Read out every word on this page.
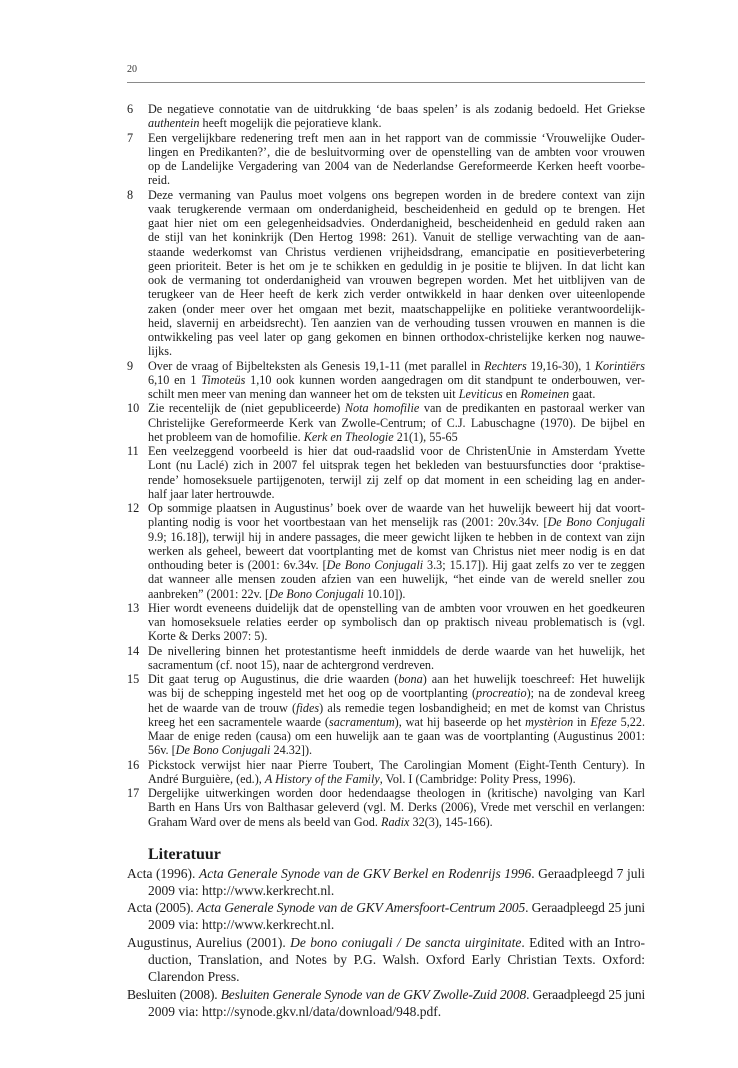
20
6 De negatieve connotatie van de uitdrukking ‘de baas spelen’ is als zodanig bedoeld. Het Griekse
authentein heeft mogelijk die pejoratieve klank.
7 Een vergelijkbare redenering treft men aan in het rapport van de commissie ‘Vrouwelijke Ouder-
lingen en Predikanten?’, die de besluitvorming over de openstelling van de ambten voor vrouwen
op de Landelijke Vergadering van 2004 van de Nederlandse Gereformeerde Kerken heeft voorbe-
reid.
8 Deze vermaning van Paulus moet volgens ons begrepen worden in de bredere context van zijn
vaak terugkerende vermaan om onderdanigheid, bescheidenheid en geduld op te brengen. Het
gaat hier niet om een gelegenheidsadvies. Onderdanigheid, bescheidenheid en geduld raken aan
de stijl van het koninkrijk (Den Hertog 1998: 261). Vanuit de stellige verwachting van de aan-
staande wederkomst van Christus verdienen vrijheidsdrang, emancipatie en positieverbetering
geen prioriteit. Beter is het om je te schikken en geduldig in je positie te blijven. In dat licht kan
ook de vermaning tot onderdanigheid van vrouwen begrepen worden. Met het uitblijven van de
terugkeer van de Heer heeft de kerk zich verder ontwikkeld in haar denken over uiteenlopende
zaken (onder meer over het omgaan met bezit, maatschappelijke en politieke verantwoordelijk-
heid, slavernij en arbeidsrecht). Ten aanzien van de verhouding tussen vrouwen en mannen is die
ontwikkeling pas veel later op gang gekomen en binnen orthodox-christelijke kerken nog nauwe-
lijks.
9 Over de vraag of Bijbelteksten als Genesis 19,1-11 (met parallel in Rechters 19,16-30), 1 Korintiërs
6,10 en 1 Timoteüs 1,10 ook kunnen worden aangedragen om dit standpunt te onderbouwen, ver-
schilt men meer van mening dan wanneer het om de teksten uit Leviticus en Romeinen gaat.
10 Zie recentelijk de (niet gepubliceerde) Nota homofilie van de predikanten en pastoraal werker van
Christelijke Gereformeerde Kerk van Zwolle-Centrum; of C.J. Labuschagne (1970). De bijbel en
het probleem van de homofilie. Kerk en Theologie 21(1), 55-65
11 Een veelzeggend voorbeeld is hier dat oud-raadslid voor de ChristenUnie in Amsterdam Yvette
Lont (nu Laclé) zich in 2007 fel uitsprak tegen het bekleden van bestuursfuncties door ‘praktise-
rende’ homoseksuele partijgenoten, terwijl zij zelf op dat moment in een scheiding lag en ander-
half jaar later hertrouwde.
12 Op sommige plaatsen in Augustinus’ boek over de waarde van het huwelijk beweert hij dat voort-
planting nodig is voor het voortbestaan van het menselijk ras (2001: 20v.34v. [De Bono Conjugali
9.9; 16.18]), terwijl hij in andere passages, die meer gewicht lijken te hebben in de context van zijn
werken als geheel, beweert dat voortplanting met de komst van Christus niet meer nodig is en dat
onthouding beter is (2001: 6v.34v. [De Bono Conjugali 3.3; 15.17]). Hij gaat zelfs zo ver te zeggen
dat wanneer alle mensen zouden afzien van een huwelijk, “het einde van de wereld sneller zou
aanbreken” (2001: 22v. [De Bono Conjugali 10.10]).
13 Hier wordt eveneens duidelijk dat de openstelling van de ambten voor vrouwen en het goedkeuren
van homoseksuele relaties eerder op symbolisch dan op praktisch niveau problematisch is (vgl.
Korte & Derks 2007: 5).
14 De nivellering binnen het protestantisme heeft inmiddels de derde waarde van het huwelijk, het
sacramentum (cf. noot 15), naar de achtergrond verdreven.
15 Dit gaat terug op Augustinus, die drie waarden (bona) aan het huwelijk toeschreef: Het huwelijk
was bij de schepping ingesteld met het oog op de voortplanting (procreatio); na de zondeval kreeg
het de waarde van de trouw (fides) als remedie tegen losbandigheid; en met de komst van Christus
kreeg het een sacramentele waarde (sacramentum), wat hij baseerde op het mystèrion in Efeze 5,22.
Maar de enige reden (causa) om een huwelijk aan te gaan was de voortplanting (Augustinus 2001:
56v. [De Bono Conjugali 24.32]).
16 Pickstock verwijst hier naar Pierre Toubert, The Carolingian Moment (Eight-Tenth Century). In
André Burguière, (ed.), A History of the Family, Vol. I (Cambridge: Polity Press, 1996).
17 Dergelijke uitwerkingen worden door hedendaagse theologen in (kritische) navolging van Karl
Barth en Hans Urs von Balthasar geleverd (vgl. M. Derks (2006), Vrede met verschil en verlangen:
Graham Ward over de mens als beeld van God. Radix 32(3), 145-166).
Literatuur
Acta (1996). Acta Generale Synode van de GKV Berkel en Rodenrijs 1996. Geraadpleegd 7 juli
2009 via: http://www.kerkrecht.nl.
Acta (2005). Acta Generale Synode van de GKV Amersfoort-Centrum 2005. Geraadpleegd 25 juni
2009 via: http://www.kerkrecht.nl.
Augustinus, Aurelius (2001). De bono coniugali / De sancta uirginitate. Edited with an Intro-
duction, Translation, and Notes by P.G. Walsh. Oxford Early Christian Texts. Oxford:
Clarendon Press.
Besluiten (2008). Besluiten Generale Synode van de GKV Zwolle-Zuid 2008. Geraadpleegd 25 juni
2009 via: http://synode.gkv.nl/data/download/948.pdf.
